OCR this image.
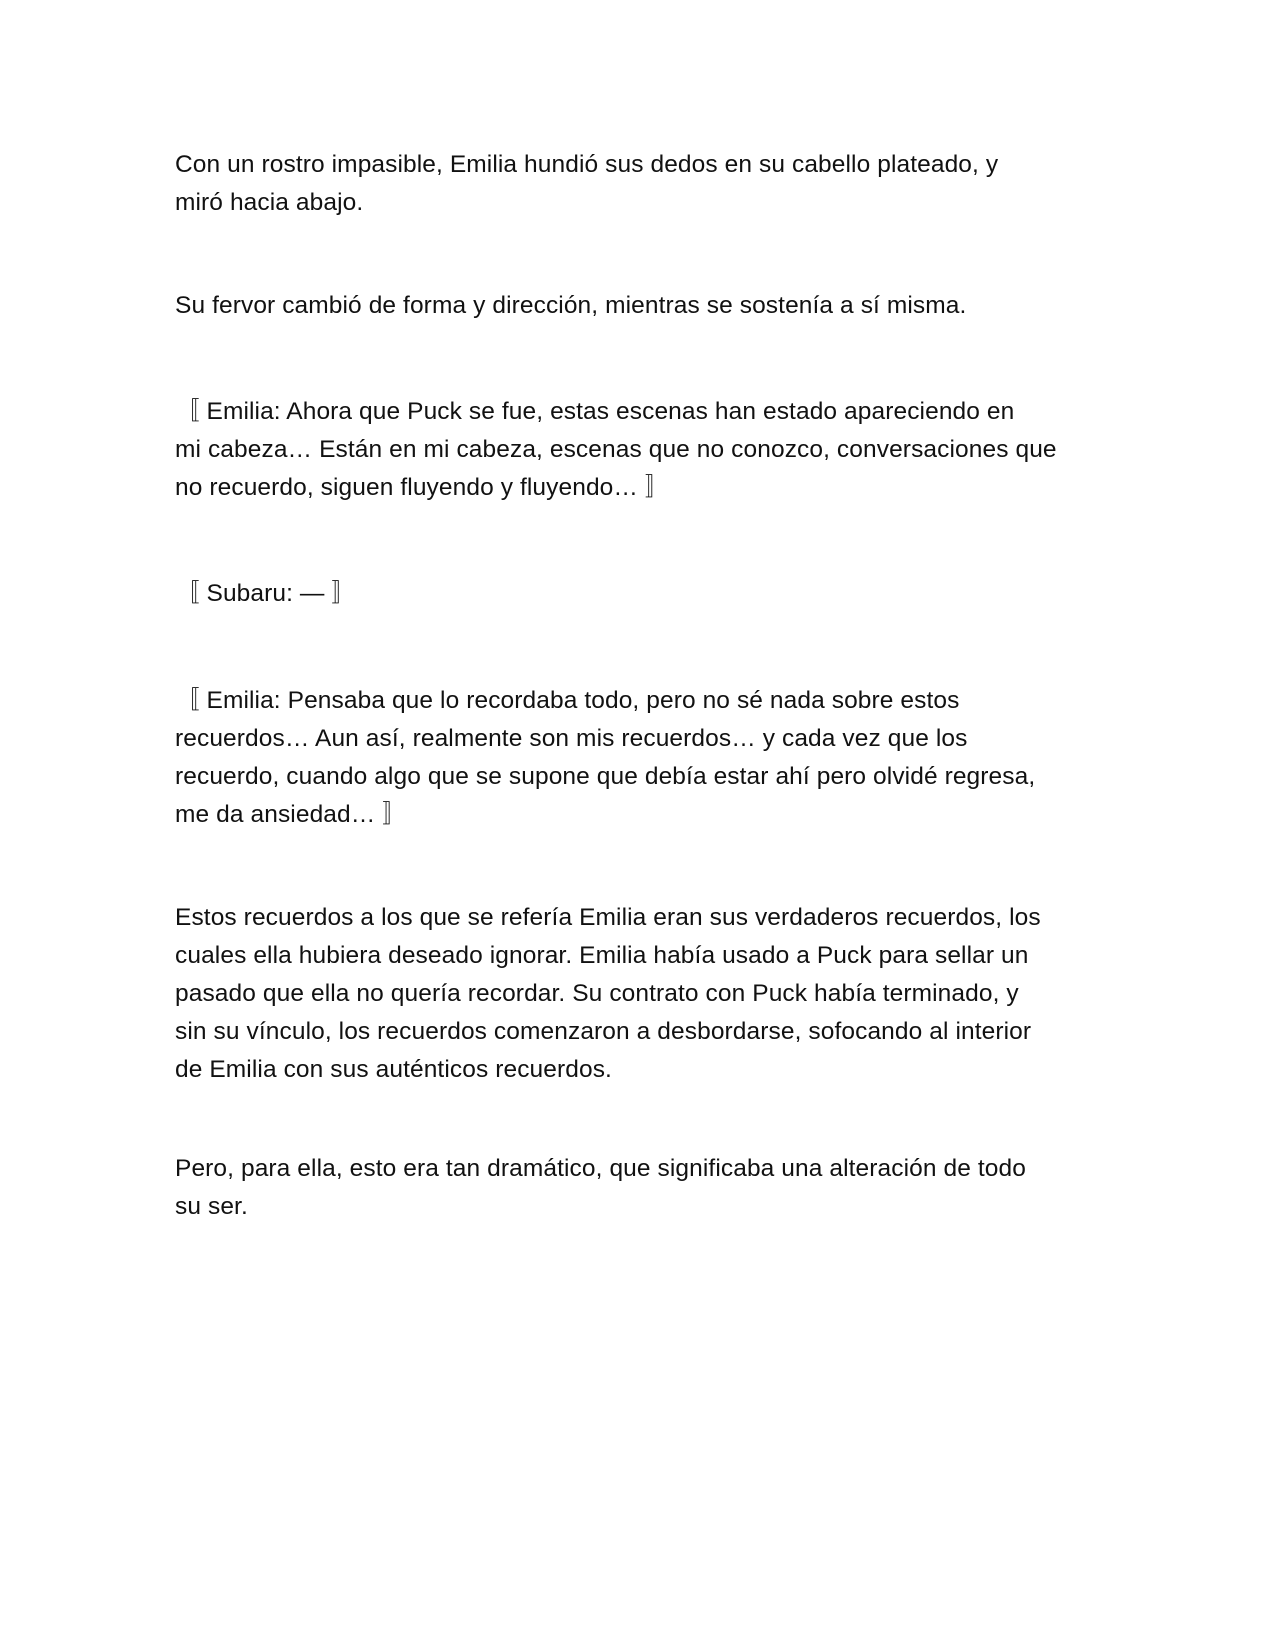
Con un rostro impasible, Emilia hundió sus dedos en su cabello plateado, y
miró hacia abajo.

Su fervor cambió de forma y dirección, mientras se sostenía a sí misma.

〚 Emilia: Ahora que Puck se fue, estas escenas han estado apareciendo en
mi cabeza… Están en mi cabeza, escenas que no conozco, conversaciones que
no recuerdo, siguen fluyendo y fluyendo… 〛

〚 Subaru: — 〛

〚 Emilia: Pensaba que lo recordaba todo, pero no sé nada sobre estos
recuerdos… Aun así, realmente son mis recuerdos… y cada vez que los
recuerdo, cuando algo que se supone que debía estar ahí pero olvidé regresa,
me da ansiedad… 〛

Estos recuerdos a los que se refería Emilia eran sus verdaderos recuerdos, los
cuales ella hubiera deseado ignorar. Emilia había usado a Puck para sellar un
pasado que ella no quería recordar. Su contrato con Puck había terminado, y
sin su vínculo, los recuerdos comenzaron a desbordarse, sofocando al interior
de Emilia con sus auténticos recuerdos.

Pero, para ella, esto era tan dramático, que significaba una alteración de todo
su ser.
